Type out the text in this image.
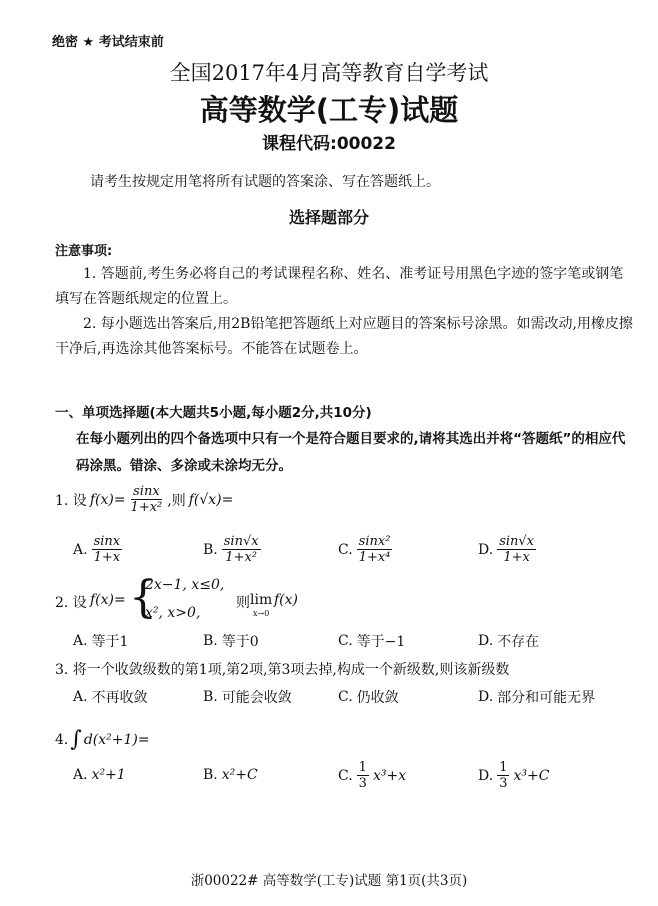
绝密 ★ 考试结束前
全国2017年4月高等教育自学考试
高等数学(工专)试题
课程代码:00022
请考生按规定用笔将所有试题的答案涂、写在答题纸上。
选择题部分
注意事项:
1. 答题前,考生务必将自己的考试课程名称、姓名、准考证号用黑色字迹的签字笔或钢笔填写在答题纸规定的位置上。
2. 每小题选出答案后,用2B铅笔把答题纸上对应题目的答案标号涂黑。如需改动,用橡皮擦干净后,再选涂其他答案标号。不能答在试题卷上。
一、单项选择题(本大题共5小题,每小题2分,共10分)
在每小题列出的四个备选项中只有一个是符合题目要求的,请将其选出并将“答题纸”的相应代码涂黑。错涂、多涂或未涂均无分。
1. 设 $f(x)= \frac{\sin x}{\text{1+x²}}$ ,则 f(√x)=
A. $\frac{\sin x}{1+x}$	B. $\frac{\sin√x}{\text{1+x²}}$	C. $\frac{\text{sinx²}}{\text{1+x⁴}}$	D. $\frac{\sin√x}{1+x}$
2. 设 f(x)= {
2x−1, x≤0,
x², x>0,
则 lim
x→0
f(x)
A. 等于1	B. 等于0	C. 等于−1	D. 不存在
3. 将一个收敛级数的第1项,第2项,第3项去掉,构成一个新级数,则该新级数
A. 不再收敛	B. 可能会收敛	C. 仍收敛	D. 部分和可能无界
4. ∫ d(x²+1)=
A. x²+1	B. x²+C	C. $\frac{1}{3} x^3+x$	D. $\frac{1}{3} x^3+C$
浙00022# 高等数学(工专)试题 第1页(共3页)
